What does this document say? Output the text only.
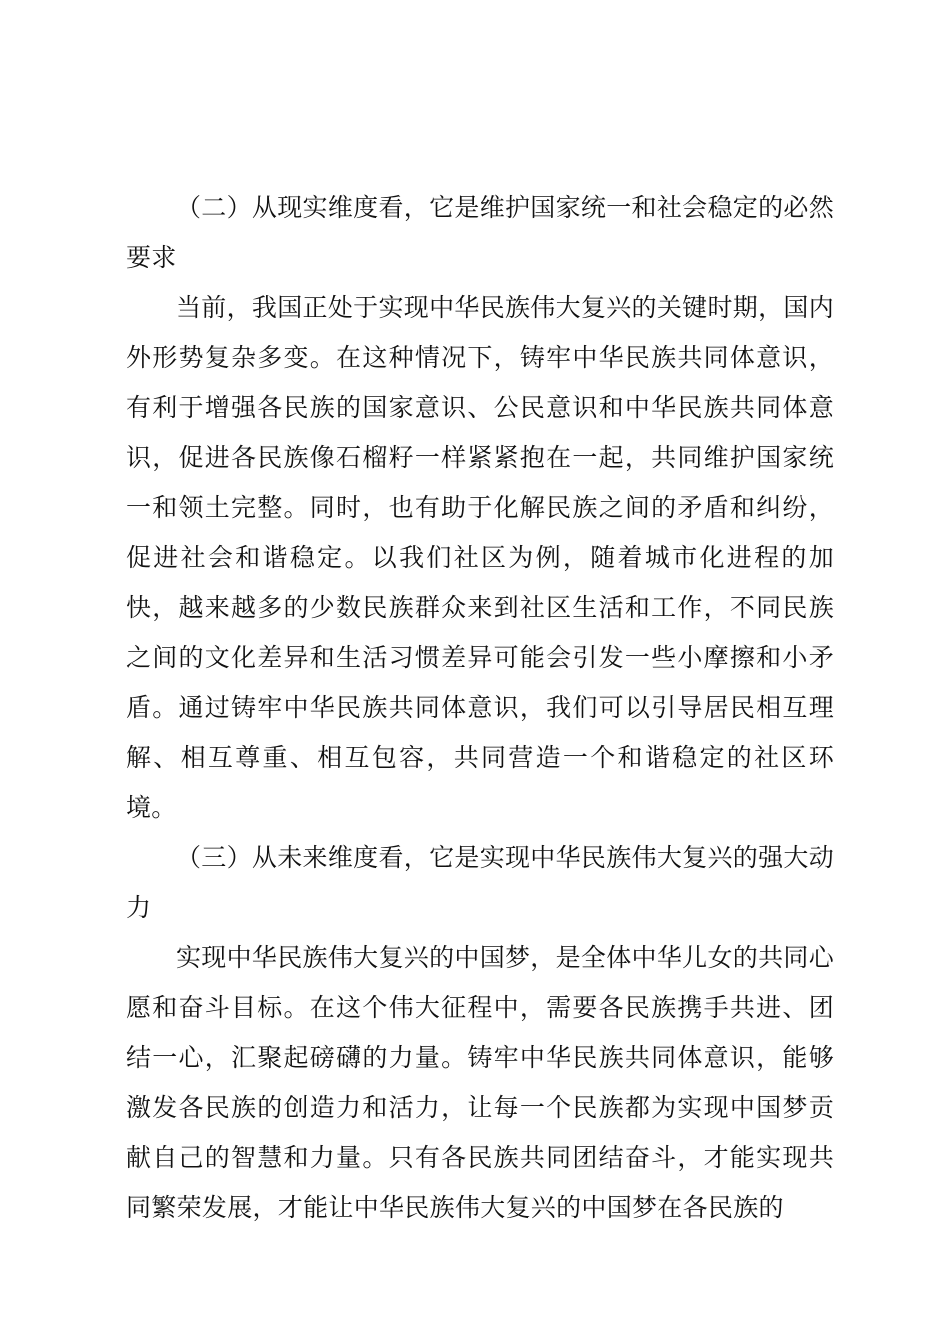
（二）从现实维度看，它是维护国家统一和社会稳定的必然要求

当前，我国正处于实现中华民族伟大复兴的关键时期，国内外形势复杂多变。在这种情况下，铸牢中华民族共同体意识，有利于增强各民族的国家意识、公民意识和中华民族共同体意识，促进各民族像石榴籽一样紧紧抱在一起，共同维护国家统一和领土完整。同时，也有助于化解民族之间的矛盾和纠纷，促进社会和谐稳定。以我们社区为例，随着城市化进程的加快，越来越多的少数民族群众来到社区生活和工作，不同民族之间的文化差异和生活习惯差异可能会引发一些小摩擦和小矛盾。通过铸牢中华民族共同体意识，我们可以引导居民相互理解、相互尊重、相互包容，共同营造一个和谐稳定的社区环境。

（三）从未来维度看，它是实现中华民族伟大复兴的强大动力

实现中华民族伟大复兴的中国梦，是全体中华儿女的共同心愿和奋斗目标。在这个伟大征程中，需要各民族携手共进、团结一心，汇聚起磅礴的力量。铸牢中华民族共同体意识，能够激发各民族的创造力和活力，让每一个民族都为实现中国梦贡献自己的智慧和力量。只有各民族共同团结奋斗，才能实现共同繁荣发展，才能让中华民族伟大复兴的中国梦在各民族的
